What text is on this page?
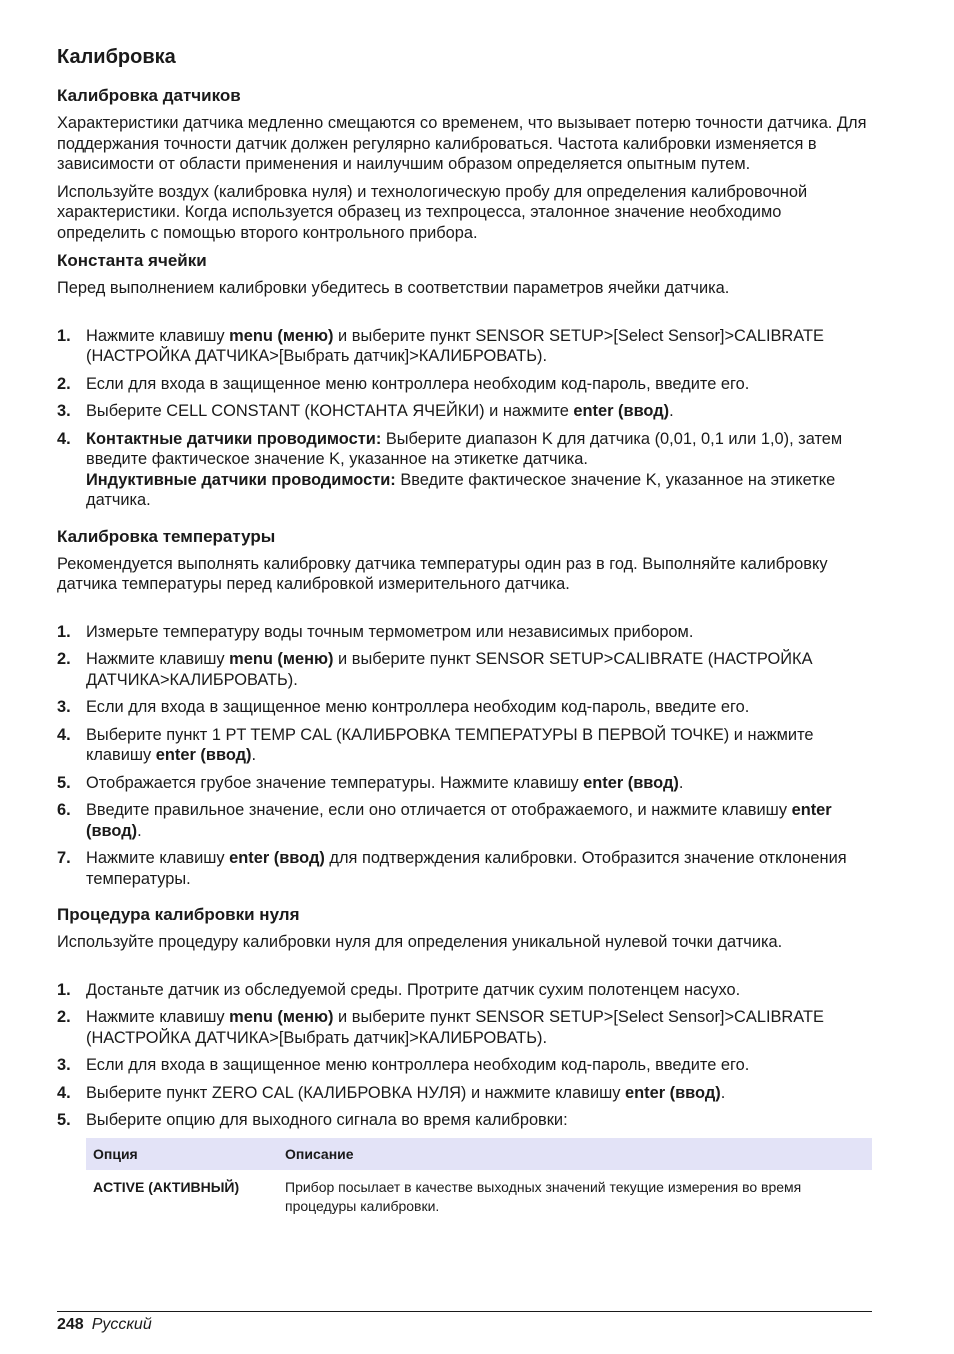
Калибровка
Калибровка датчиков

Характеристики датчика медленно смещаются со временем, что вызывает потерю точности датчика. Для поддержания точности датчик должен регулярно калиброваться. Частота калибровки изменяется в зависимости от области применения и наилучшим образом определяется опытным путем.

Используйте воздух (калибровка нуля) и технологическую пробу для определения калибровочной характеристики. Когда используется образец из техпроцесса, эталонное значение необходимо определить с помощью второго контрольного прибора.

Константа ячейки

Перед выполнением калибровки убедитесь в соответствии параметров ячейки датчика.

1. Нажмите клавишу menu (меню) и выберите пункт SENSOR SETUP>[Select Sensor]>CALIBRATE (НАСТРОЙКА ДАТЧИКА>[Выбрать датчик]>КАЛИБРОВАТЬ).
2. Если для входа в защищенное меню контроллера необходим код-пароль, введите его.
3. Выберите CELL CONSTANT (КОНСТАНТА ЯЧЕЙКИ) и нажмите enter (ввод).
4. Контактные датчики проводимости: Выберите диапазон K для датчика (0,01, 0,1 или 1,0), затем введите фактическое значение K, указанное на этикетке датчика.
Индуктивные датчики проводимости: Введите фактическое значение K, указанное на этикетке датчика.
Калибровка температуры

Рекомендуется выполнять калибровку датчика температуры один раз в год. Выполняйте калибровку датчика температуры перед калибровкой измерительного датчика.

1. Измерьте температуру воды точным термометром или независимых прибором.
2. Нажмите клавишу menu (меню) и выберите пункт SENSOR SETUP>CALIBRATE (НАСТРОЙКА ДАТЧИКА>КАЛИБРОВАТЬ).
3. Если для входа в защищенное меню контроллера необходим код-пароль, введите его.
4. Выберите пункт 1 PT TEMP CAL (КАЛИБРОВКА ТЕМПЕРАТУРЫ В ПЕРВОЙ ТОЧКЕ) и нажмите клавишу enter (ввод).
5. Отображается грубое значение температуры. Нажмите клавишу enter (ввод).
6. Введите правильное значение, если оно отличается от отображаемого, и нажмите клавишу enter (ввод).
7. Нажмите клавишу enter (ввод) для подтверждения калибровки. Отобразится значение отклонения температуры.
Процедура калибровки нуля

Используйте процедуру калибровки нуля для определения уникальной нулевой точки датчика.

1. Достаньте датчик из обследуемой среды. Протрите датчик сухим полотенцем насухо.
2. Нажмите клавишу menu (меню) и выберите пункт SENSOR SETUP>[Select Sensor]>CALIBRATE (НАСТРОЙКА ДАТЧИКА>[Выбрать датчик]>КАЛИБРОВАТЬ).
3. Если для входа в защищенное меню контроллера необходим код-пароль, введите его.
4. Выберите пункт ZERO CAL (КАЛИБРОВКА НУЛЯ) и нажмите клавишу enter (ввод).
5. Выберите опцию для выходного сигнала во время калибровки:
Опция	Описание
ACTIVE (АКТИВНЫЙ)	Прибор посылает в качестве выходных значений текущие измерения во время процедуры калибровки.
248 Русский
